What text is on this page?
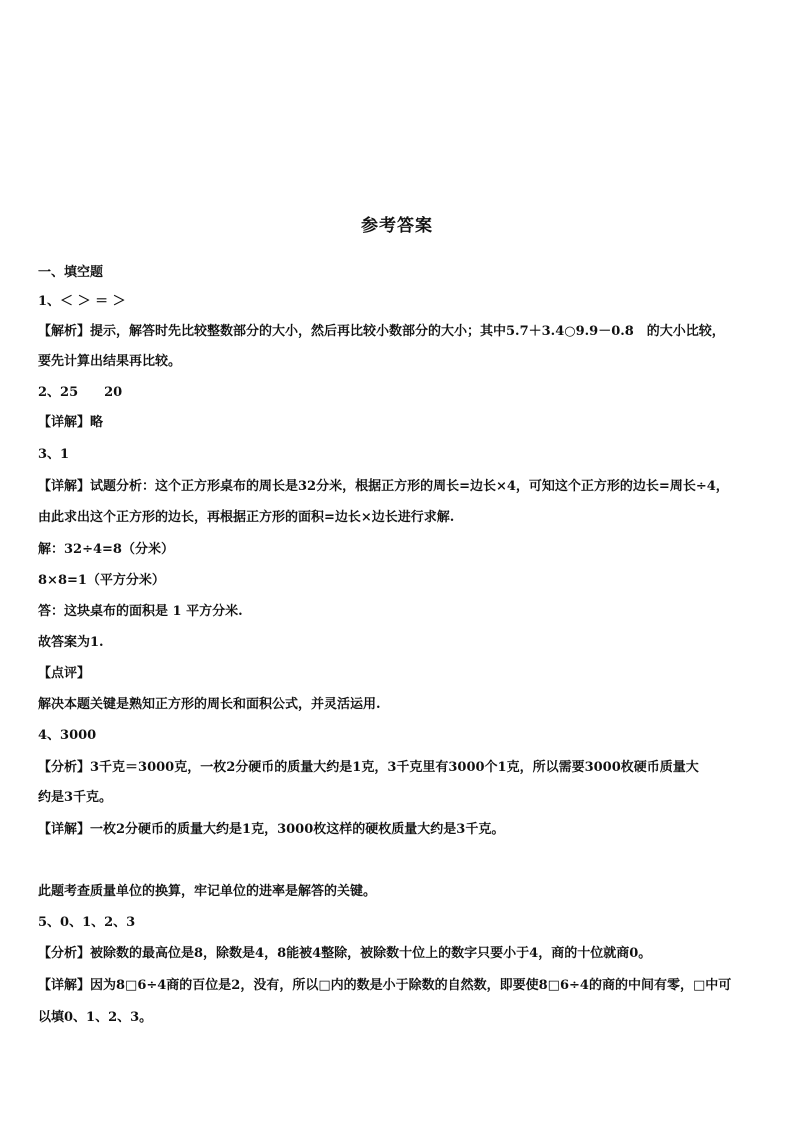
参考答案
一、填空题
1、＜ ＞ ＝ ＞
【解析】提示，解答时先比较整数部分的大小，然后再比较小数部分的大小；其中5.7＋3.4○9.9－0.8　的大小比较，
要先计算出结果再比较。
2、25　　20
【详解】略
3、1
【详解】试题分析：这个正方形桌布的周长是32分米，根据正方形的周长=边长×4，可知这个正方形的边长=周长÷4，
由此求出这个正方形的边长，再根据正方形的面积=边长×边长进行求解.
解：32÷4=8（分米）
8×8=1（平方分米）
答：这块桌布的面积是 1 平方分米.
故答案为1.
【点评】
解决本题关键是熟知正方形的周长和面积公式，并灵活运用.
4、3000
【分析】3千克＝3000克，一枚2分硬币的质量大约是1克，3千克里有3000个1克，所以需要3000枚硬币质量大
约是3千克。
【详解】一枚2分硬币的质量大约是1克，3000枚这样的硬枚质量大约是3千克。
此题考查质量单位的换算，牢记单位的进率是解答的关键。
5、0、1、2、3
【分析】被除数的最高位是8，除数是4，8能被4整除，被除数十位上的数字只要小于4，商的十位就商0。
【详解】因为8□6÷4商的百位是2，没有，所以□内的数是小于除数的自然数，即要使8□6÷4的商的中间有零，□中可
以填0、1、2、3。
